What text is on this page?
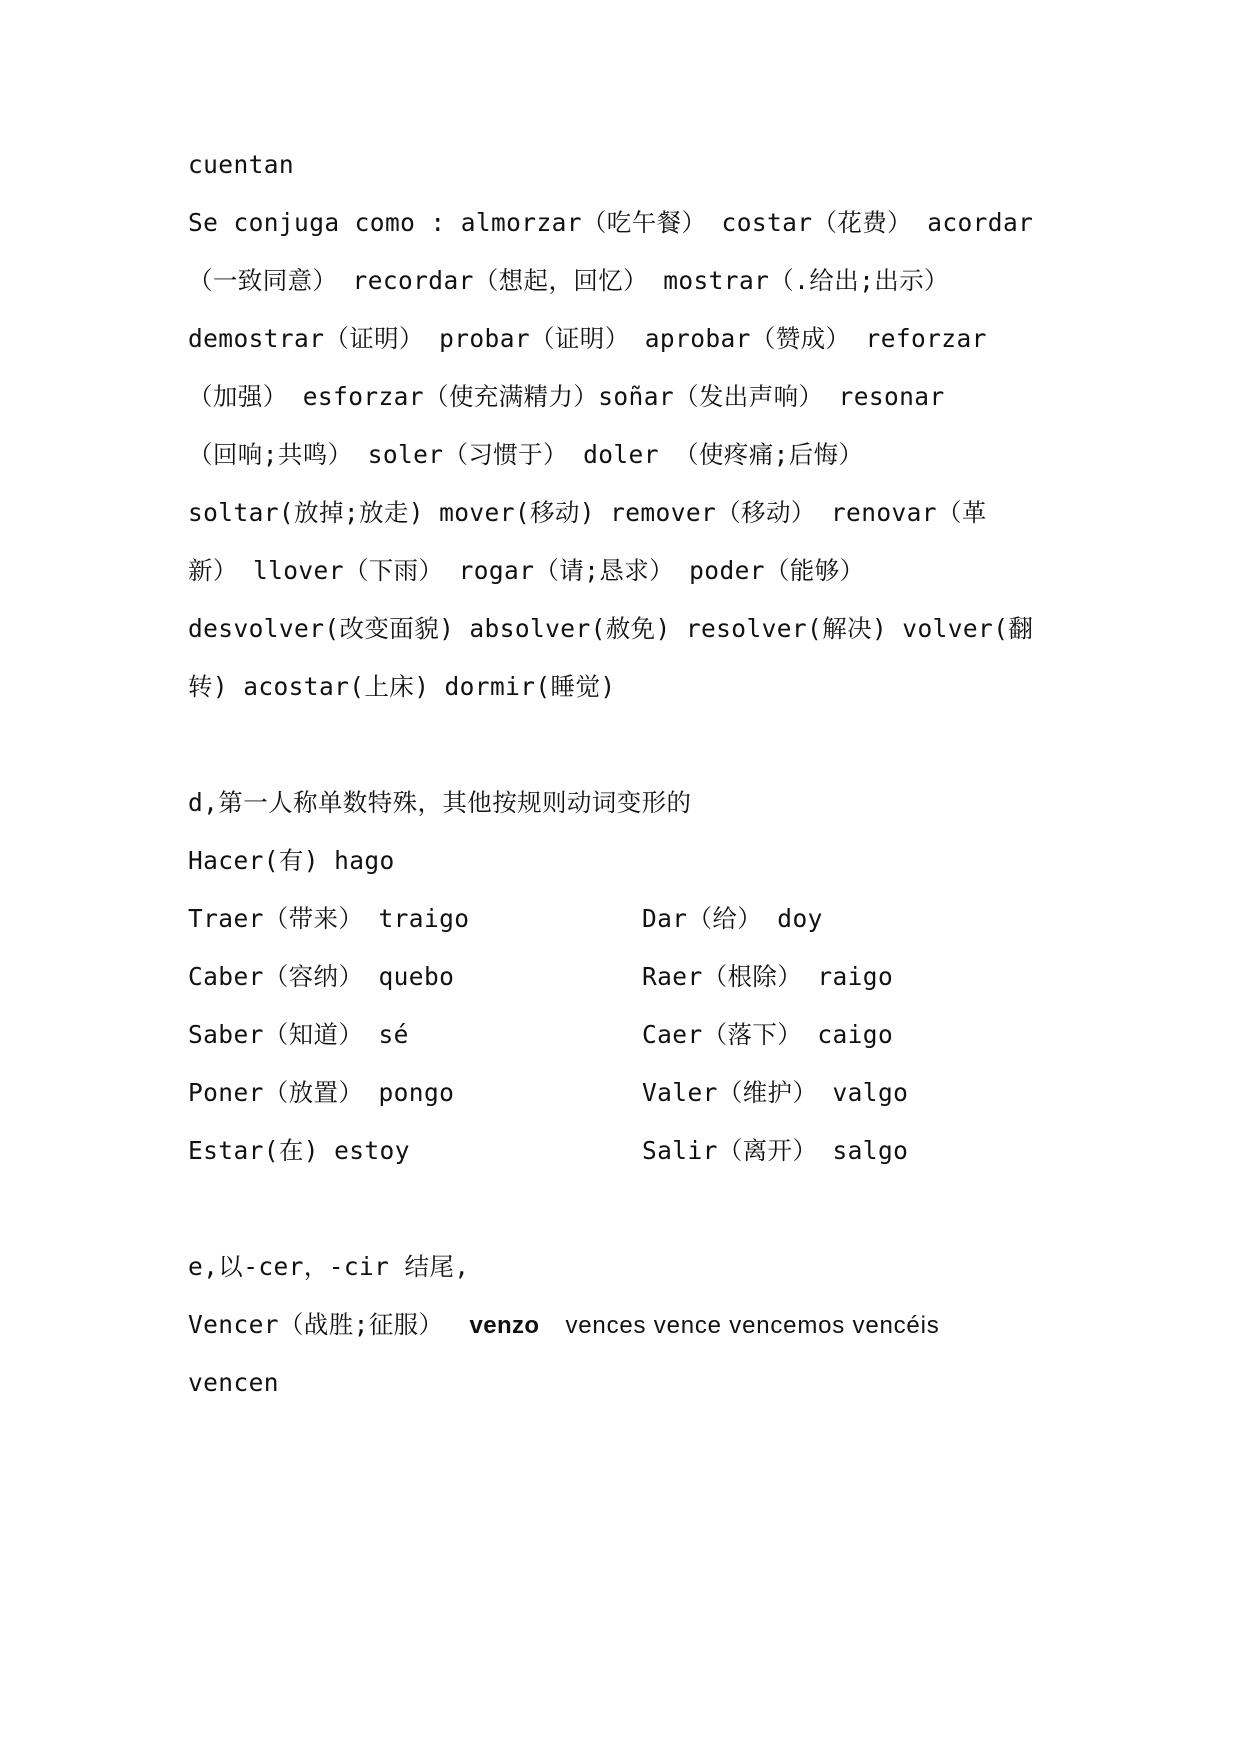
cuentan
Se conjuga como : almorzar（吃午餐） costar（花费） acordar
（一致同意） recordar（想起，回忆） mostrar（.给出;出示）
demostrar（证明） probar（证明） aprobar（赞成） reforzar
（加强） esforzar（使充满精力）soñar（发出声响） resonar
（回响;共鸣） soler（习惯于） doler （使疼痛;后悔）
soltar(放掉;放走) mover(移动) remover（移动） renovar（革
新） llover（下雨） rogar（请;恳求） poder（能够）
desvolver(改变面貌) absolver(赦免) resolver(解决) volver(翻
转) acostar(上床) dormir(睡觉)
d,第一人称单数特殊，其他按规则动词变形的
Hacer(有) hago
Traer（带来） traigo	Dar（给） doy
Caber（容纳） quebo	Raer（根除） raigo
Saber（知道） sé	Caer（落下） caigo
Poner（放置） pongo	Valer（维护） valgo
Estar(在) estoy	Salir（离开） salgo
e,以-cer，-cir 结尾,
Vencer（战胜;征服） venzo vences vence vencemos vencéis
vencen
